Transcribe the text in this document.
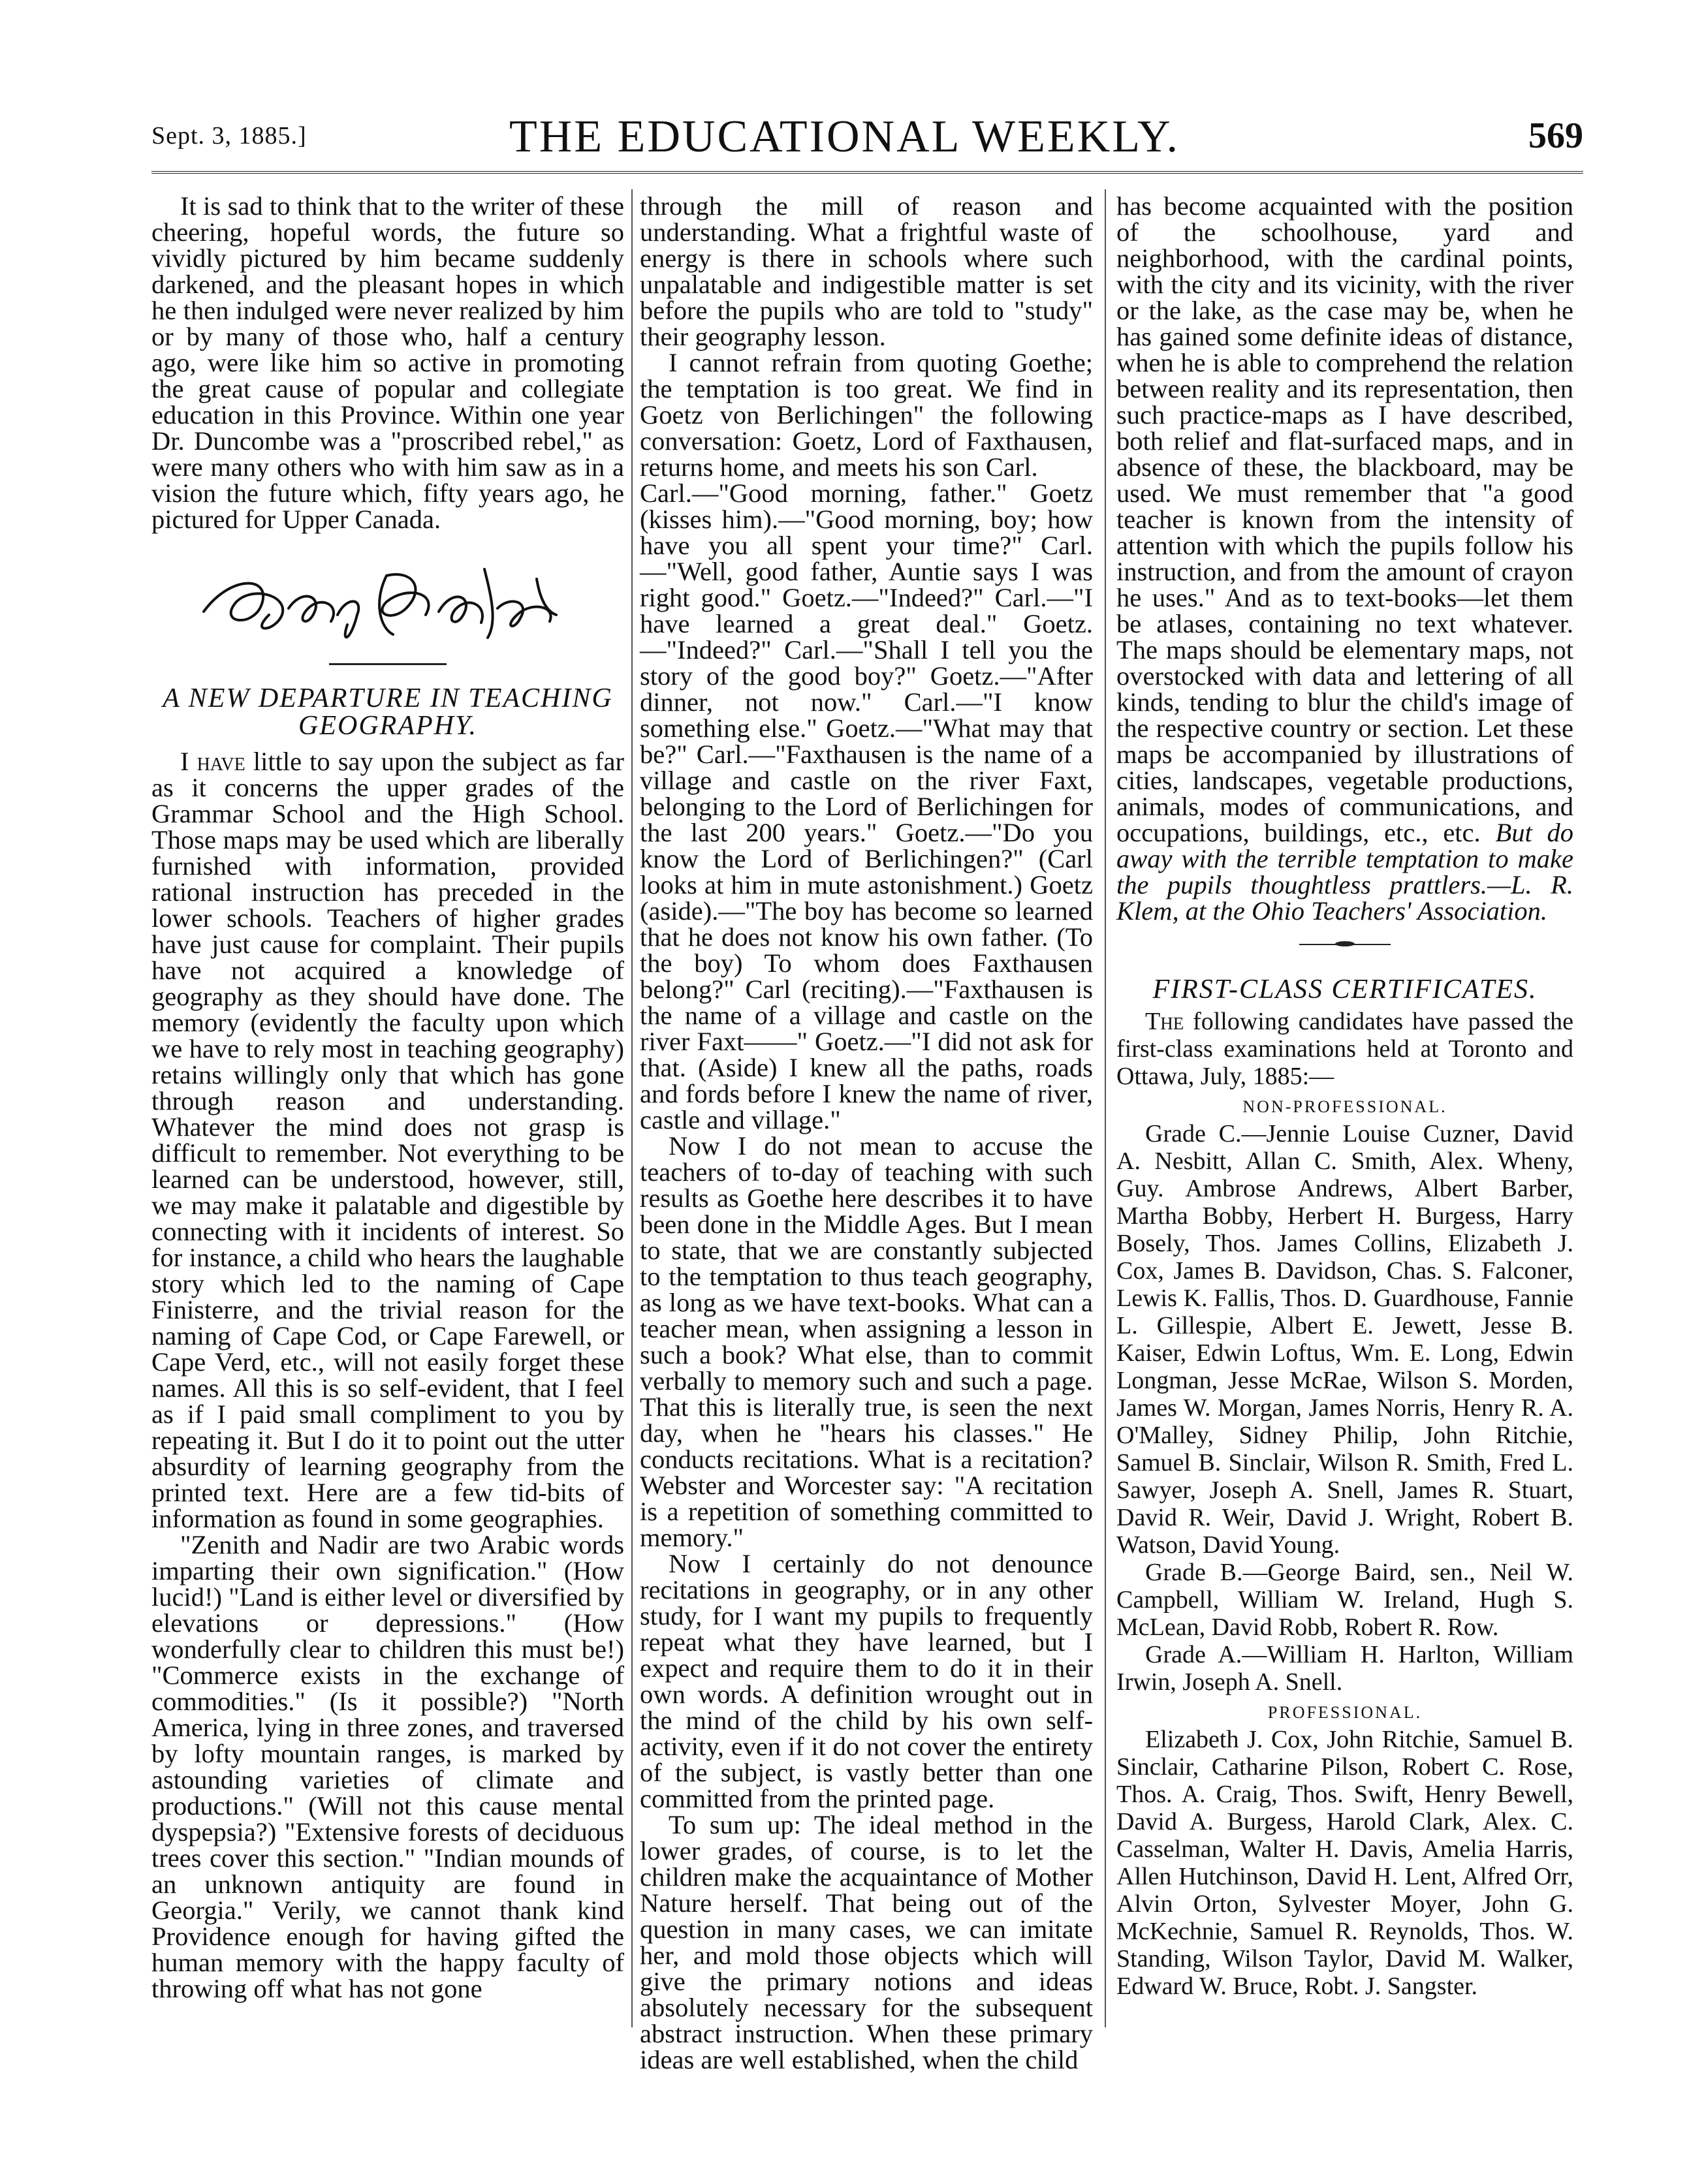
Sept. 3, 1885.]	THE EDUCATIONAL WEEKLY.	569

It is sad to think that to the writer of these cheering, hopeful words, the future so vividly pictured by him became suddenly darkened, and the pleasant hopes in which he then indulged were never realized by him or by many of those who, half a century ago, were like him so active in promoting the great cause of popular and collegiate education in this Province. Within one year Dr. Duncombe was a "proscribed rebel," as were many others who with him saw as in a vision the future which, fifty years ago, he pictured for Upper Canada.

A NEW DEPARTURE IN TEACHING GEOGRAPHY.

I have little to say upon the subject as far as it concerns the upper grades of the Grammar School and the High School. Those maps may be used which are liberally furnished with information, provided rational instruction has preceded in the lower schools. Teachers of higher grades have just cause for complaint. Their pupils have not acquired a knowledge of geography as they should have done. The memory (evidently the faculty upon which we have to rely most in teaching geography) retains willingly only that which has gone through reason and understanding. Whatever the mind does not grasp is difficult to remember. Not everything to be learned can be understood, however, still, we may make it palatable and digestible by connecting with it incidents of interest. So for instance, a child who hears the laughable story which led to the naming of Cape Finisterre, and the trivial reason for the naming of Cape Cod, or Cape Farewell, or Cape Verd, etc., will not easily forget these names. All this is so self-evident, that I feel as if I paid small compliment to you by repeating it. But I do it to point out the utter absurdity of learning geography from the printed text. Here are a few tid-bits of information as found in some geographies.

"Zenith and Nadir are two Arabic words imparting their own signification." (How lucid!) "Land is either level or diversified by elevations or depressions." (How wonderfully clear to children this must be!) "Commerce exists in the exchange of commodities." (Is it possible?) "North America, lying in three zones, and traversed by lofty mountain ranges, is marked by astounding varieties of climate and productions." (Will not this cause mental dyspepsia?) "Extensive forests of deciduous trees cover this section." "Indian mounds of an unknown antiquity are found in Georgia." Verily, we cannot thank kind Providence enough for having gifted the human memory with the happy faculty of throwing off what has not gone

through the mill of reason and understanding. What a frightful waste of energy is there in schools where such unpalatable and indigestible matter is set before the pupils who are told to "study" their geography lesson.

I cannot refrain from quoting Goethe; the temptation is too great. We find in Goetz von Berlichingen" the following conversation: Goetz, Lord of Faxthausen, returns home, and meets his son Carl.

Carl.—"Good morning, father." Goetz (kisses him).—"Good morning, boy; how have you all spent your time?" Carl.—"Well, good father, Auntie says I was right good." Goetz.—"Indeed?" Carl.—"I have learned a great deal." Goetz.—"Indeed?" Carl.—"Shall I tell you the story of the good boy?" Goetz.—"After dinner, not now." Carl.—"I know something else." Goetz.—"What may that be?" Carl.—"Faxthausen is the name of a village and castle on the river Faxt, belonging to the Lord of Berlichingen for the last 200 years." Goetz.—"Do you know the Lord of Berlichingen?" (Carl looks at him in mute astonishment.) Goetz (aside).—"The boy has become so learned that he does not know his own father. (To the boy) To whom does Faxthausen belong?" Carl (reciting).—"Faxthausen is the name of a village and castle on the river Faxt——" Goetz.—"I did not ask for that. (Aside) I knew all the paths, roads and fords before I knew the name of river, castle and village."

Now I do not mean to accuse the teachers of to-day of teaching with such results as Goethe here describes it to have been done in the Middle Ages. But I mean to state, that we are constantly subjected to the temptation to thus teach geography, as long as we have text-books. What can a teacher mean, when assigning a lesson in such a book? What else, than to commit verbally to memory such and such a page. That this is literally true, is seen the next day, when he "hears his classes." He conducts recitations. What is a recitation? Webster and Worcester say: "A recitation is a repetition of something committed to memory."

Now I certainly do not denounce recitations in geography, or in any other study, for I want my pupils to frequently repeat what they have learned, but I expect and require them to do it in their own words. A definition wrought out in the mind of the child by his own self-activity, even if it do not cover the entirety of the subject, is vastly better than one committed from the printed page.

To sum up: The ideal method in the lower grades, of course, is to let the children make the acquaintance of Mother Nature herself. That being out of the question in many cases, we can imitate her, and mold those objects which will give the primary notions and ideas absolutely necessary for the subsequent abstract instruction. When these primary ideas are well established, when the child

has become acquainted with the position of the schoolhouse, yard and neighborhood, with the cardinal points, with the city and its vicinity, with the river or the lake, as the case may be, when he has gained some definite ideas of distance, when he is able to comprehend the relation between reality and its representation, then such practice-maps as I have described, both relief and flat-surfaced maps, and in absence of these, the blackboard, may be used. We must remember that "a good teacher is known from the intensity of attention with which the pupils follow his instruction, and from the amount of crayon he uses." And as to text-books—let them be atlases, containing no text whatever. The maps should be elementary maps, not overstocked with data and lettering of all kinds, tending to blur the child's image of the respective country or section. Let these maps be accompanied by illustrations of cities, landscapes, vegetable productions, animals, modes of communications, and occupations, buildings, etc., etc. But do away with the terrible temptation to make the pupils thoughtless prattlers.—L. R. Klem, at the Ohio Teachers' Association.

FIRST-CLASS CERTIFICATES.

The following candidates have passed the first-class examinations held at Toronto and Ottawa, July, 1885:—

NON-PROFESSIONAL.

Grade C.—Jennie Louise Cuzner, David A. Nesbitt, Allan C. Smith, Alex. Wheny, Guy. Ambrose Andrews, Albert Barber, Martha Bobby, Herbert H. Burgess, Harry Bosely, Thos. James Collins, Elizabeth J. Cox, James B. Davidson, Chas. S. Falconer, Lewis K. Fallis, Thos. D. Guardhouse, Fannie L. Gillespie, Albert E. Jewett, Jesse B. Kaiser, Edwin Loftus, Wm. E. Long, Edwin Longman, Jesse McRae, Wilson S. Morden, James W. Morgan, James Norris, Henry R. A. O'Malley, Sidney Philip, John Ritchie, Samuel B. Sinclair, Wilson R. Smith, Fred L. Sawyer, Joseph A. Snell, James R. Stuart, David R. Weir, David J. Wright, Robert B. Watson, David Young.

Grade B.—George Baird, sen., Neil W. Campbell, William W. Ireland, Hugh S. McLean, David Robb, Robert R. Row.

Grade A.—William H. Harlton, William Irwin, Joseph A. Snell.

PROFESSIONAL.

Elizabeth J. Cox, John Ritchie, Samuel B. Sinclair, Catharine Pilson, Robert C. Rose, Thos. A. Craig, Thos. Swift, Henry Bewell, David A. Burgess, Harold Clark, Alex. C. Casselman, Walter H. Davis, Amelia Harris, Allen Hutchinson, David H. Lent, Alfred Orr, Alvin Orton, Sylvester Moyer, John G. McKechnie, Samuel R. Reynolds, Thos. W. Standing, Wilson Taylor, David M. Walker, Edward W. Bruce, Robt. J. Sangster.
